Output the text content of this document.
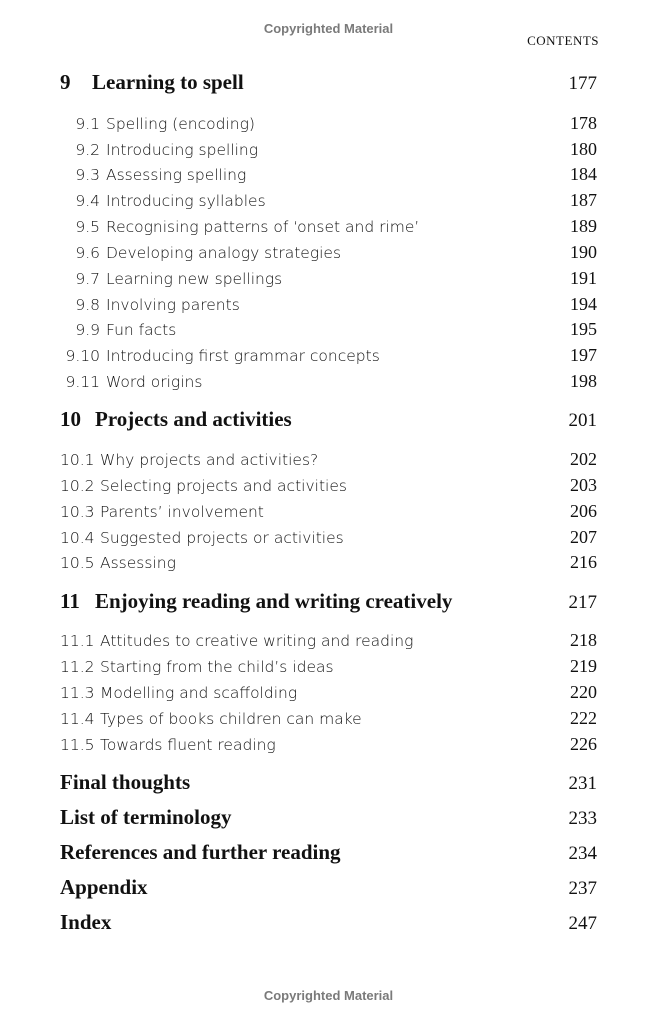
Copyrighted Material
CONTENTS
9 Learning to spell	177
9.1 Spelling (encoding)	178
9.2 Introducing spelling	180
9.3 Assessing spelling	184
9.4 Introducing syllables	187
9.5 Recognising patterns of ‘onset and rime’	189
9.6 Developing analogy strategies	190
9.7 Learning new spellings	191
9.8 Involving parents	194
9.9 Fun facts	195
9.10 Introducing first grammar concepts	197
9.11 Word origins	198
10 Projects and activities	201
10.1 Why projects and activities?	202
10.2 Selecting projects and activities	203
10.3 Parents’ involvement	206
10.4 Suggested projects or activities	207
10.5 Assessing	216
11 Enjoying reading and writing creatively	217
11.1 Attitudes to creative writing and reading	218
11.2 Starting from the child’s ideas	219
11.3 Modelling and scaffolding	220
11.4 Types of books children can make	222
11.5 Towards fluent reading	226
Final thoughts	231
List of terminology	233
References and further reading	234
Appendix	237
Index	247
Copyrighted Material
